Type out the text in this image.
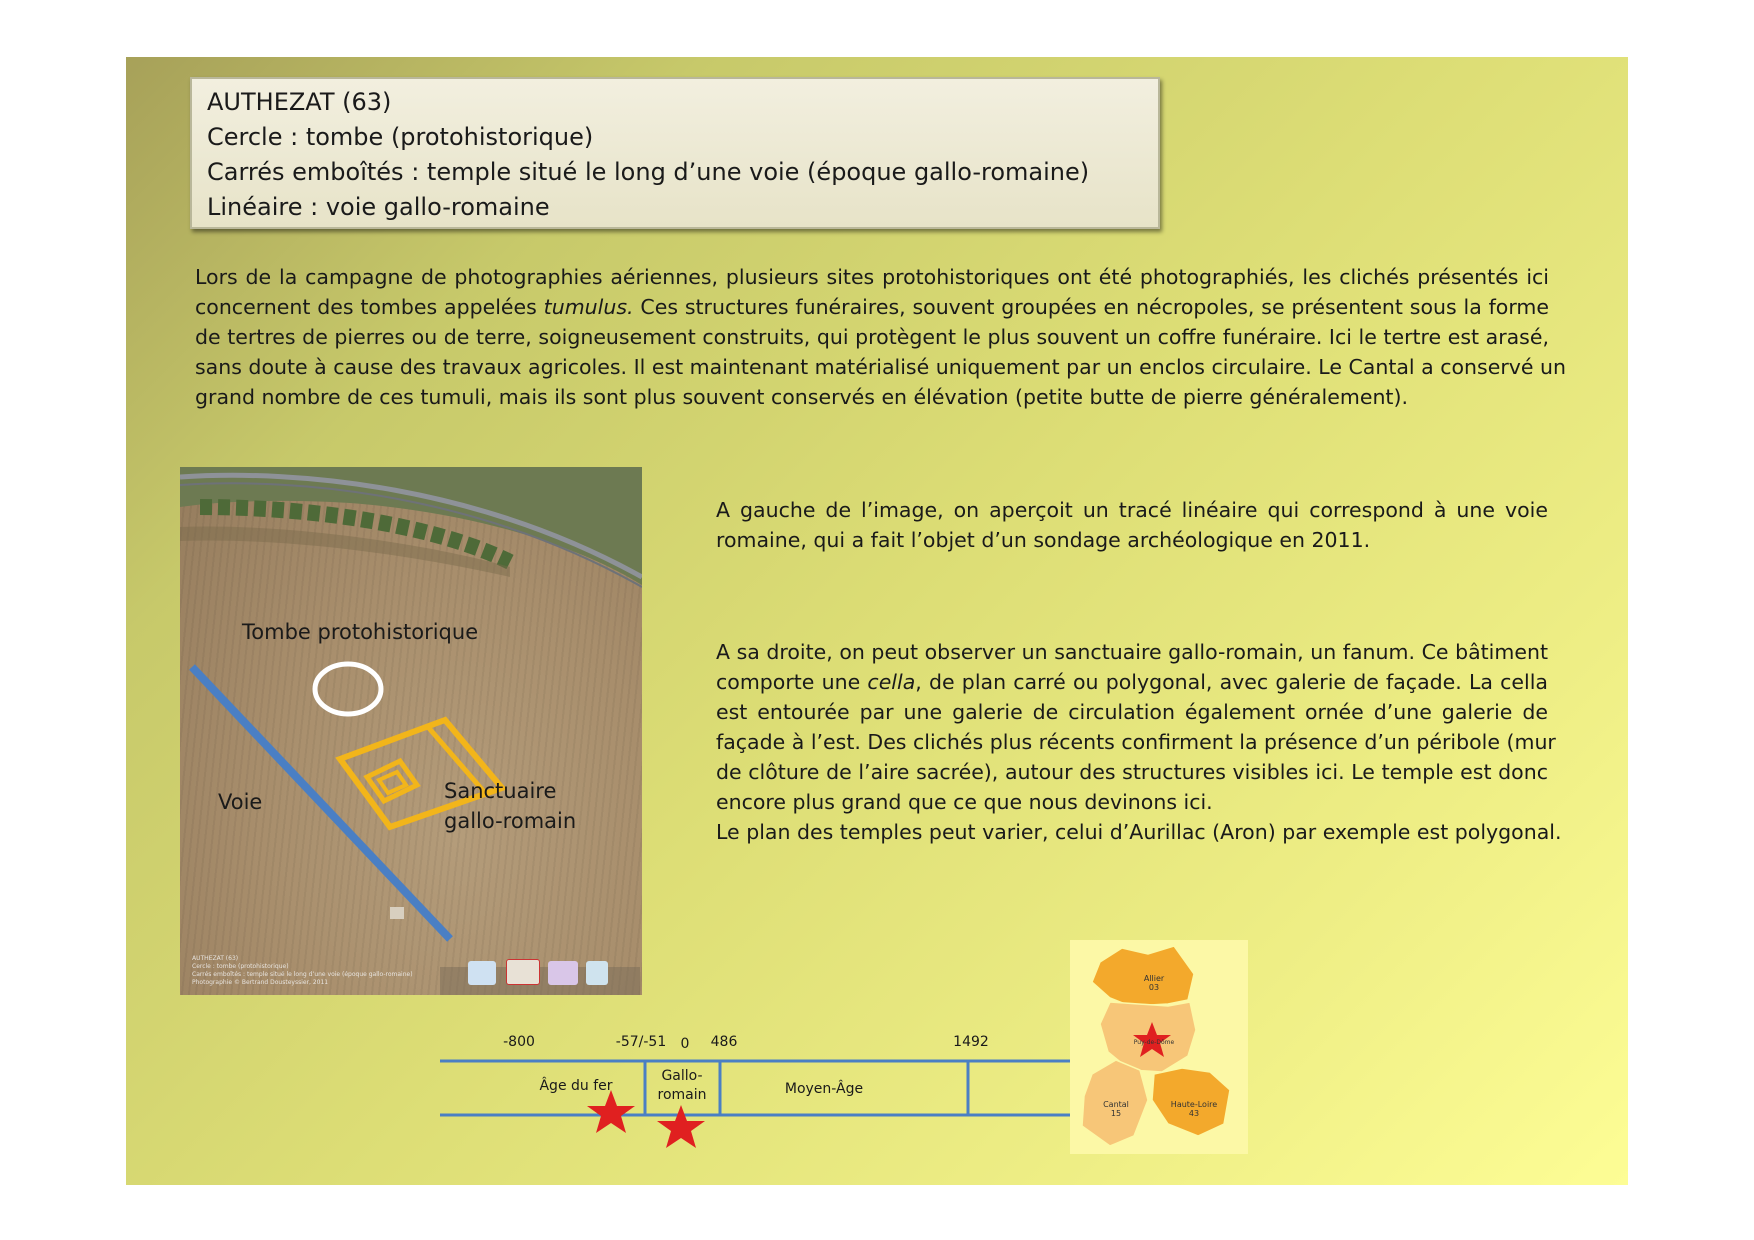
AUTHEZAT (63)
Cercle : tombe (protohistorique)
Carrés emboîtés : temple situé le long d’une voie (époque gallo-romaine)
Linéaire : voie gallo-romaine
Lors de la campagne de photographies aériennes, plusieurs sites protohistoriques ont été photographiés, les clichés présentés ici
concernent des tombes appelées tumulus. Ces structures funéraires, souvent groupées en nécropoles, se présentent sous la forme
de tertres de pierres ou de terre, soigneusement construits, qui protègent le plus souvent un coffre funéraire. Ici le tertre est arasé,
sans doute à cause des travaux agricoles. Il est maintenant matérialisé uniquement par un enclos circulaire. Le Cantal a conservé un
grand nombre de ces tumuli, mais ils sont plus souvent conservés en élévation (petite butte de pierre généralement).
Tombe protohistorique
Voie	Sanctuaire
gallo-romain
AUTHEZAT (63)
Cercle : tombe (protohistorique)
Carrés emboîtés : temple situé le long d’une voie (époque gallo-romaine)
Photographie © Bertrand Dousteyssier, 2011
A gauche de l’image, on aperçoit un tracé linéaire qui correspond à une voie
romaine, qui a fait l’objet d’un sondage archéologique en 2011.
A sa droite, on peut observer un sanctuaire gallo-romain, un fanum. Ce bâtiment
comporte une cella, de plan carré ou polygonal, avec galerie de façade. La cella
est entourée par une galerie de circulation également ornée d’une galerie de
façade à l’est. Des clichés plus récents confirment la présence d’un péribole (mur
de clôture de l’aire sacrée), autour des structures visibles ici. Le temple est donc
encore plus grand que ce que nous devinons ici.
Le plan des temples peut varier, celui d’Aurillac (Aron) par exemple est polygonal.
-800	-57/-51 0 486	1492
Âge du fer
Gallo-
romain	Moyen-Âge
Allier
03
Puy-de-Dôme
Cantal
15
Haute-Loire
43
